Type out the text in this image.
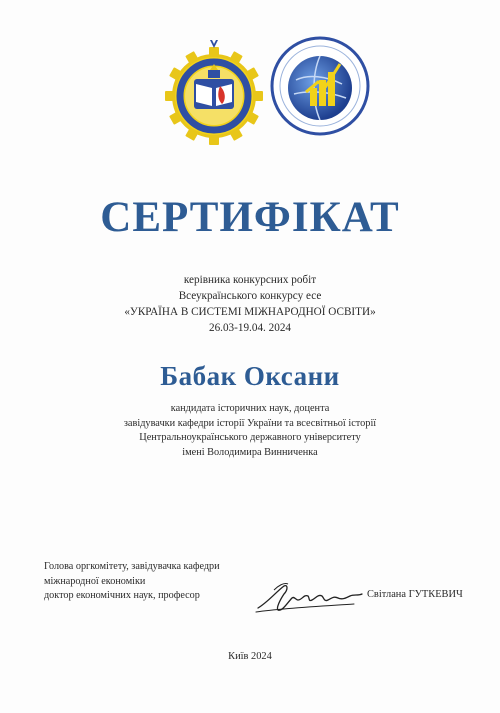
СЕРТИФІКАТ
керівника конкурсних робіт
Всеукраїнського конкурсу есе
«УКРАЇНА В СИСТЕМІ МІЖНАРОДНОЇ ОСВІТИ»
26.03-19.04. 2024
Бабак Оксани
кандидата історичних наук, доцента
завідувачки кафедри історії України та всесвітньої історії
Центральноукраїнського державного університету
імені Володимира Винниченка
Голова оргкомітету, завідувачка кафедри
міжнародної економіки
доктор економічних наук, професор	Світлана ГУТКЕВИЧ
Київ 2024
